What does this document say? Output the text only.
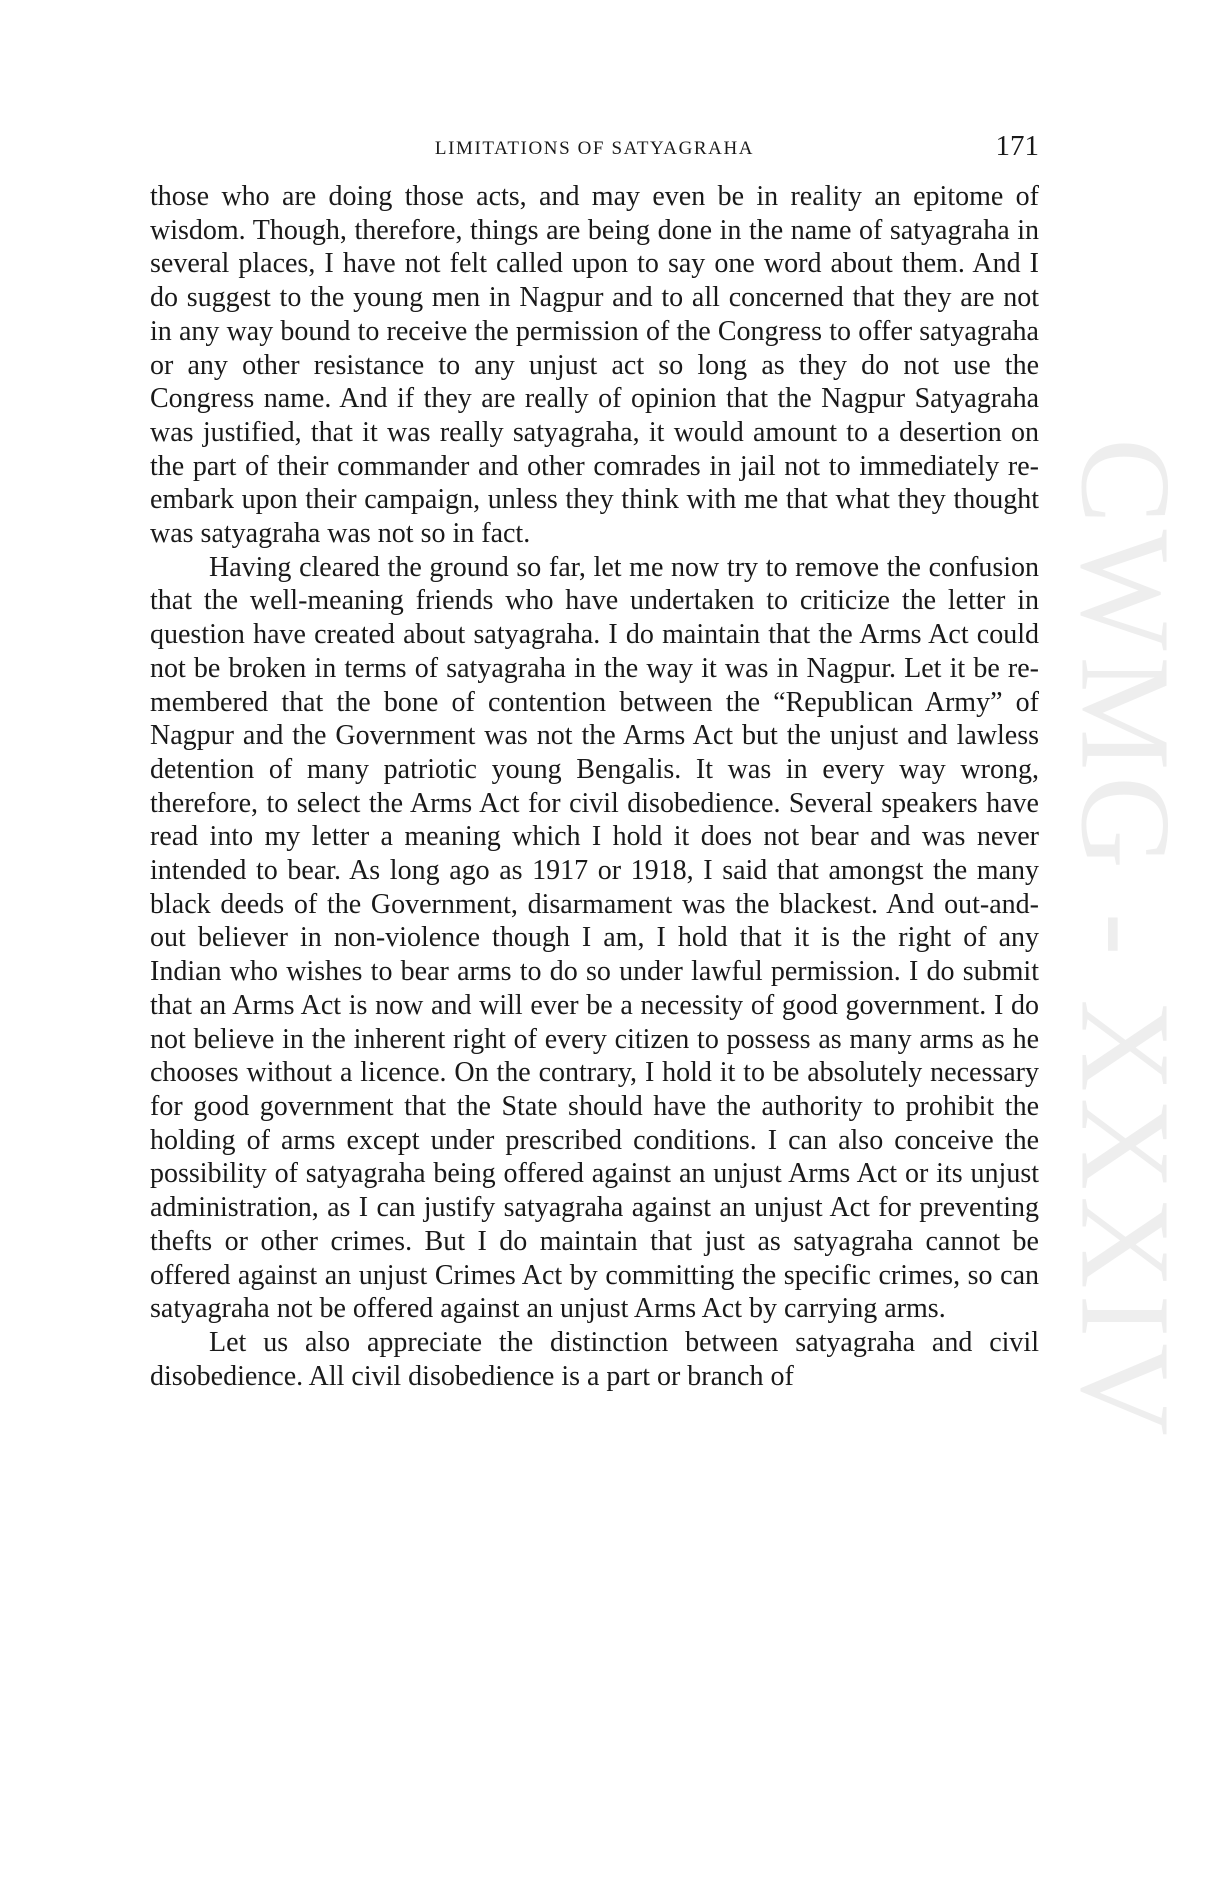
LIMITATIONS OF SATYAGRAHA	171
CWMG - XXXIV

those who are doing those acts, and may even be in reality an epitome of wisdom. Though, therefore, things are being done in the name of satyagraha in several places, I have not felt called upon to say one word about them. And I do suggest to the young men in Nagpur and to all concerned that they are not in any way bound to receive the permission of the Congress to offer satyagraha or any other resistance to any unjust act so long as they do not use the Congress name. And if they are really of opinion that the Nagpur Satyagraha was justified, that it was really satyagraha, it would amount to a desertion on the part of their commander and other comrades in jail not to immediately re-embark upon their campaign, unless they think with me that what they thought was satyagraha was not so in fact.

Having cleared the ground so far, let me now try to remove the confusion that the well-meaning friends who have undertaken to criticize the letter in question have created about satyagraha. I do maintain that the Arms Act could not be broken in terms of satyagraha in the way it was in Nagpur. Let it be remembered that the bone of contention between the “Republican Army” of Nagpur and the Government was not the Arms Act but the unjust and lawless detention of many patriotic young Bengalis. It was in every way wrong, therefore, to select the Arms Act for civil disobedience. Several speakers have read into my letter a meaning which I hold it does not bear and was never intended to bear. As long ago as 1917 or 1918, I said that amongst the many black deeds of the Government, disarmament was the blackest. And out-and-out believer in non-violence though I am, I hold that it is the right of any Indian who wishes to bear arms to do so under lawful permission. I do submit that an Arms Act is now and will ever be a necessity of good government. I do not believe in the inherent right of every citizen to possess as many arms as he chooses without a licence. On the contrary, I hold it to be absolutely necessary for good government that the State should have the authority to prohibit the holding of arms except under prescribed conditions. I can also conceive the possibility of satyagraha being offered against an unjust Arms Act or its unjust administration, as I can justify satyagraha against an unjust Act for preventing thefts or other crimes. But I do maintain that just as satyagraha cannot be offered against an unjust Crimes Act by committing the specific crimes, so can satyagraha not be offered against an unjust Arms Act by carrying arms.

Let us also appreciate the distinction between satyagraha and civil disobedience. All civil disobedience is a part or branch of
